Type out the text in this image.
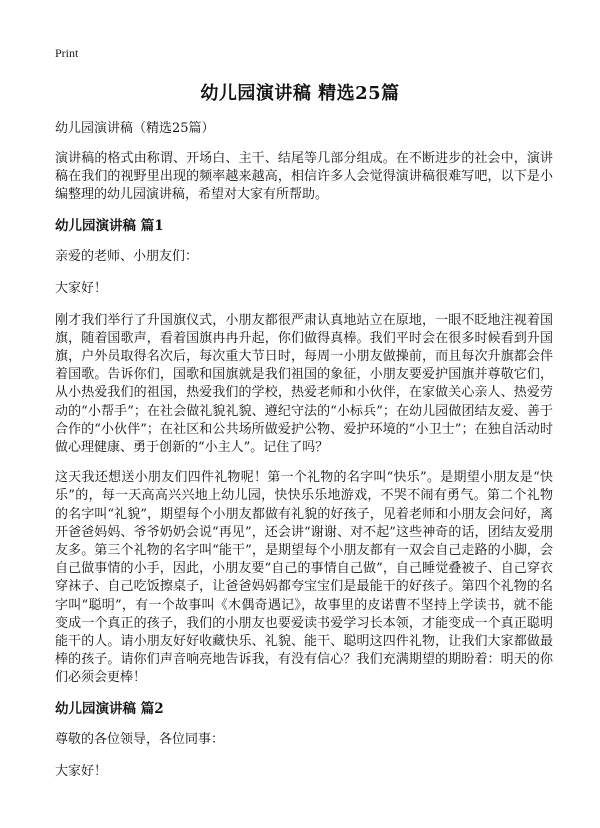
Print
幼儿园演讲稿 精选25篇

幼儿园演讲稿（精选25篇）

演讲稿的格式由称谓、开场白、主干、结尾等几部分组成。在不断进步的社会中，演讲稿在我们的视野里出现的频率越来越高，相信许多人会觉得演讲稿很难写吧，以下是小编整理的幼儿园演讲稿，希望对大家有所帮助。

幼儿园演讲稿 篇1

亲爱的老师、小朋友们：

大家好！

刚才我们举行了升国旗仪式，小朋友都很严肃认真地站立在原地，一眼不眨地注视着国旗，随着国歌声，看着国旗冉冉升起，你们做得真棒。我们平时会在很多时候看到升国旗，户外员取得名次后，每次重大节日时，每周一小朋友做操前，而且每次升旗都会伴着国歌。告诉你们，国歌和国旗就是我们祖国的象征，小朋友要爱护国旗并尊敬它们，从小热爱我们的祖国，热爱我们的学校，热爱老师和小伙伴，在家做关心亲人、热爱劳动的“小帮手”；在社会做礼貌礼貌、遵纪守法的“小标兵”；在幼儿园做团结友爱、善于合作的“小伙伴”；在社区和公共场所做爱护公物、爱护环境的“小卫士”；在独自活动时做心理健康、勇于创新的“小主人”。记住了吗？

这天我还想送小朋友们四件礼物呢！第一个礼物的名字叫“快乐”。是期望小朋友是“快乐”的，每一天高高兴兴地上幼儿园，快快乐乐地游戏，不哭不闹有勇气。第二个礼物的名字叫“礼貌”，期望每个小朋友都做有礼貌的好孩子，见着老师和小朋友会问好，离开爸爸妈妈、爷爷奶奶会说“再见”，还会讲“谢谢、对不起”这些神奇的话，团结友爱朋友多。第三个礼物的名字叫“能干”，是期望每个小朋友都有一双会自己走路的小脚，会自己做事情的小手，因此，小朋友要“自己的事情自己做”，自己睡觉叠被子、自己穿衣穿袜子、自己吃饭擦桌子，让爸爸妈妈都夸宝宝们是最能干的好孩子。第四个礼物的名字叫“聪明”，有一个故事叫《木偶奇遇记》，故事里的皮诺曹不坚持上学读书，就不能变成一个真正的孩子，我们的小朋友也要爱读书爱学习长本领，才能变成一个真正聪明能干的人。请小朋友好好收藏快乐、礼貌、能干、聪明这四件礼物，让我们大家都做最棒的孩子。请你们声音响亮地告诉我，有没有信心？我们充满期望的期盼着：明天的你们必须会更棒！

幼儿园演讲稿 篇2

尊敬的各位领导，各位同事：

大家好！
